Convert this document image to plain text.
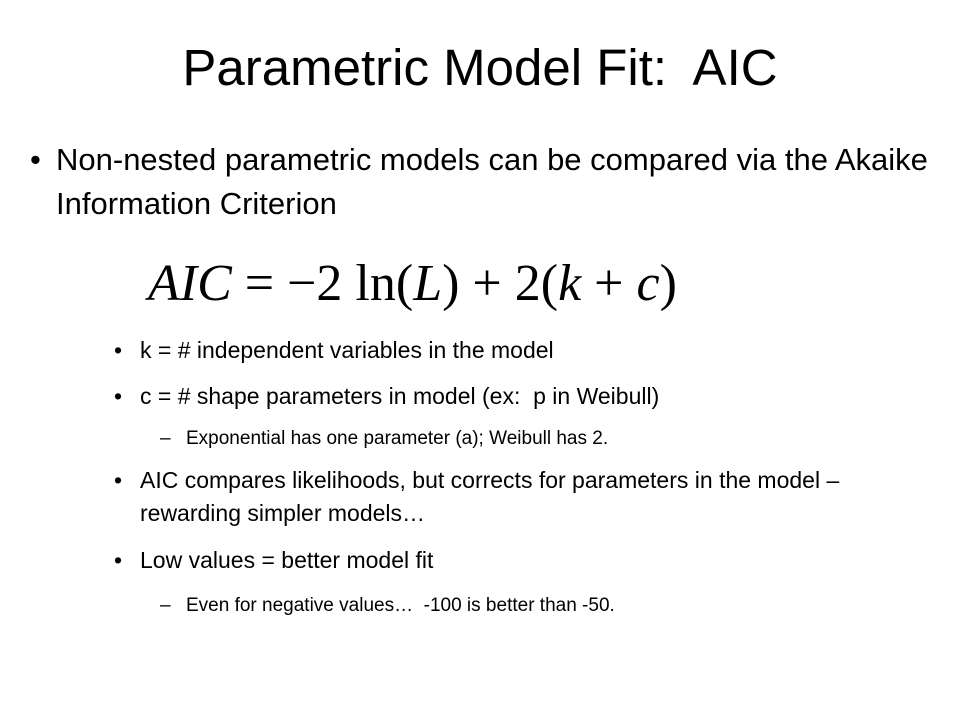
Parametric Model Fit:  AIC
• Non-nested parametric models can be compared via the Akaike Information Criterion
AIC = −2 ln(L) + 2(k + c)
• k = # independent variables in the model
• c = # shape parameters in model (ex:  p in Weibull)
– Exponential has one parameter (a); Weibull has 2.
• AIC compares likelihoods, but corrects for parameters in the model – rewarding simpler models…
• Low values = better model fit
– Even for negative values…  -100 is better than -50.
